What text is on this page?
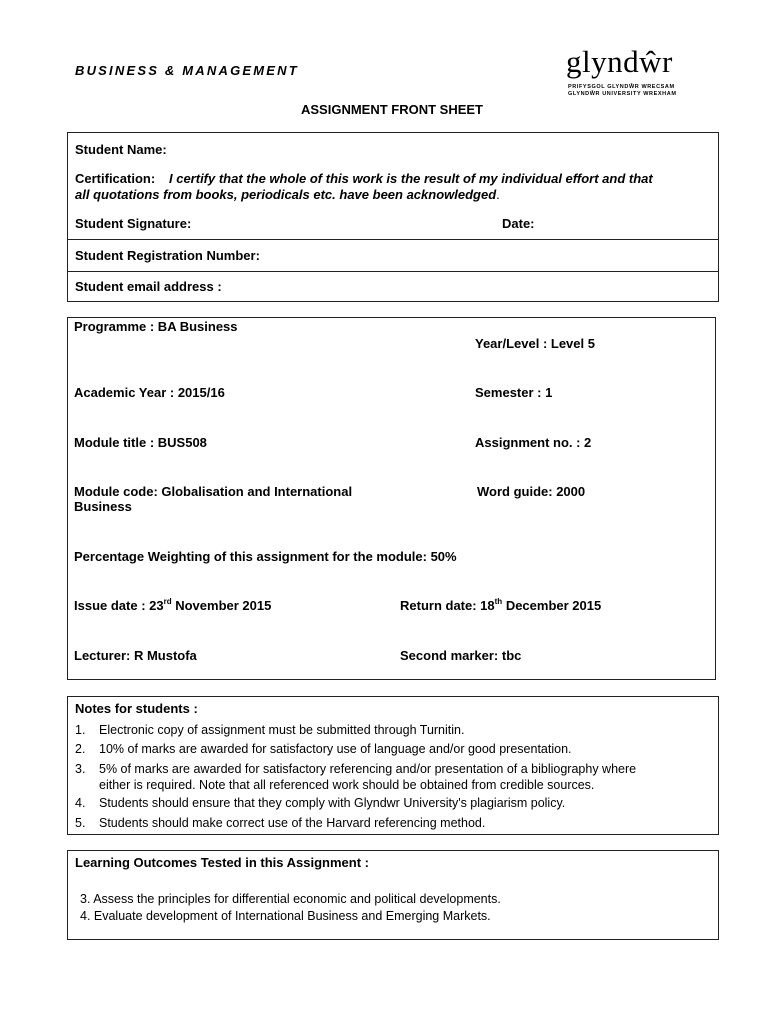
BUSINESS & MANAGEMENT	glyndŵr
PRIFYSGOL GLYNDŴR WRECSAM
GLYNDŴR UNIVERSITY WREXHAM
ASSIGNMENT FRONT SHEET
Student Name:
Certification: I certify that the whole of this work is the result of my individual effort and that
all quotations from books, periodicals etc. have been acknowledged.
Student Signature:	Date:
Student Registration Number:
Student email address :
Programme : BA Business
Year/Level : Level 5
Academic Year : 2015/16	Semester : 1
Module title : BUS508	Assignment no. : 2
Module code: Globalisation and International
Business
Word guide: 2000
Percentage Weighting of this assignment for the module: 50%
Issue date : 23rd November 2015	Return date: 18th December 2015
Lecturer: R Mustofa	Second marker: tbc
Notes for students :
1. Electronic copy of assignment must be submitted through Turnitin.
2. 10% of marks are awarded for satisfactory use of language and/or good presentation.
3. 5% of marks are awarded for satisfactory referencing and/or presentation of a bibliography where
either is required. Note that all referenced work should be obtained from credible sources.
4. Students should ensure that they comply with Glyndwr University's plagiarism policy.
5. Students should make correct use of the Harvard referencing method.
Learning Outcomes Tested in this Assignment :
3. Assess the principles for differential economic and political developments.
4. Evaluate development of International Business and Emerging Markets.
